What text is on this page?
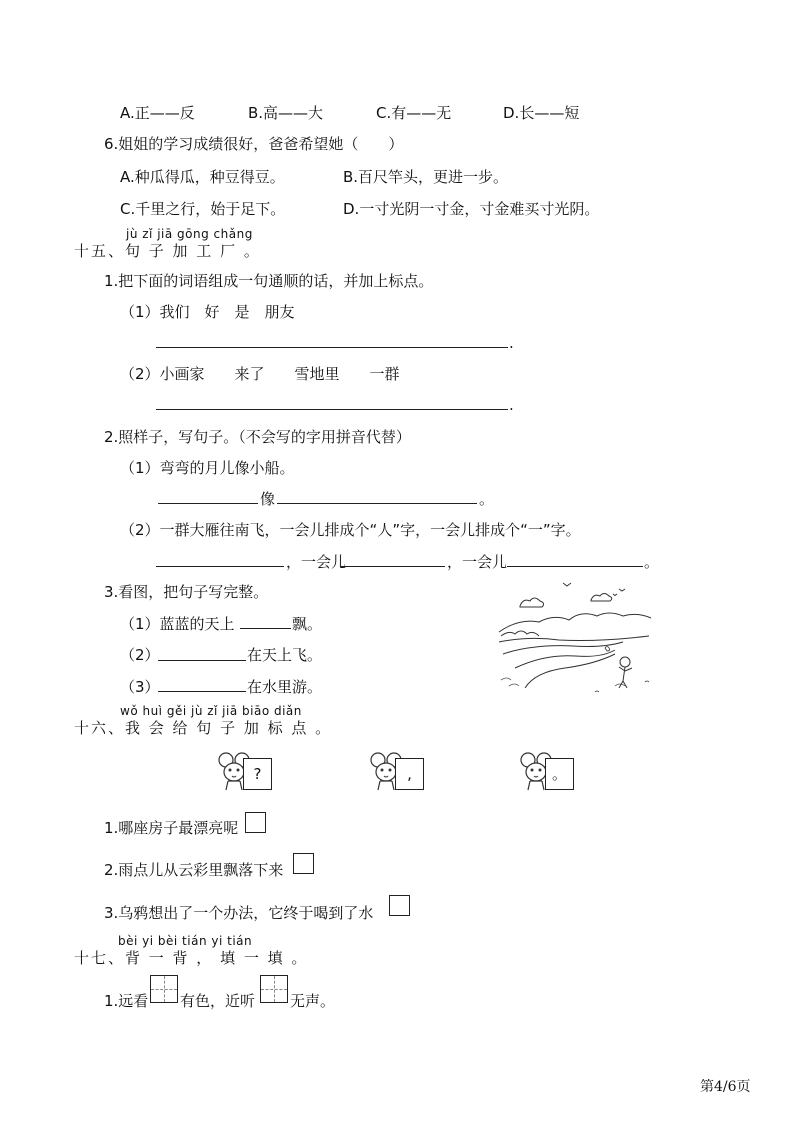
A.正——反	B.高——大	C.有——无	D.长——短
6.姐姐的学习成绩很好，爸爸希望她（　　）
A.种瓜得瓜，种豆得豆。	B.百尺竿头，更进一步。
C.千里之行，始于足下。	D.一寸光阴一寸金，寸金难买寸光阴。
jù zǐ jiā gōng chǎng
十五、句 子 加 工 厂 。
1.把下面的词语组成一句通顺的话，并加上标点。
（1）我们　好　是　朋友
.
（2）小画家　　来了　　雪地里　　一群
.
2.照样子，写句子。（不会写的字用拼音代替）
（1）弯弯的月儿像小船。
像	。
（2）一群大雁往南飞，一会儿排成个“人”字，一会儿排成个“一”字。
，一会儿	，一会儿	。
3.看图，把句子写完整。
（1）蓝蓝的天上	飘。
（2）	在天上飞。
（3）	在水里游。
wǒ huì gěi jù zǐ jiā biāo diǎn
十六、我 会 给 句 子 加 标 点 。
?	,	。
1.哪座房子最漂亮呢
2.雨点儿从云彩里飘落下来
3.乌鸦想出了一个办法，它终于喝到了水
bèi yi bèi tián yi tián
十七、背 一 背 ， 填 一 填 。
1.远看 有色，近听 无声。
第4/6页
